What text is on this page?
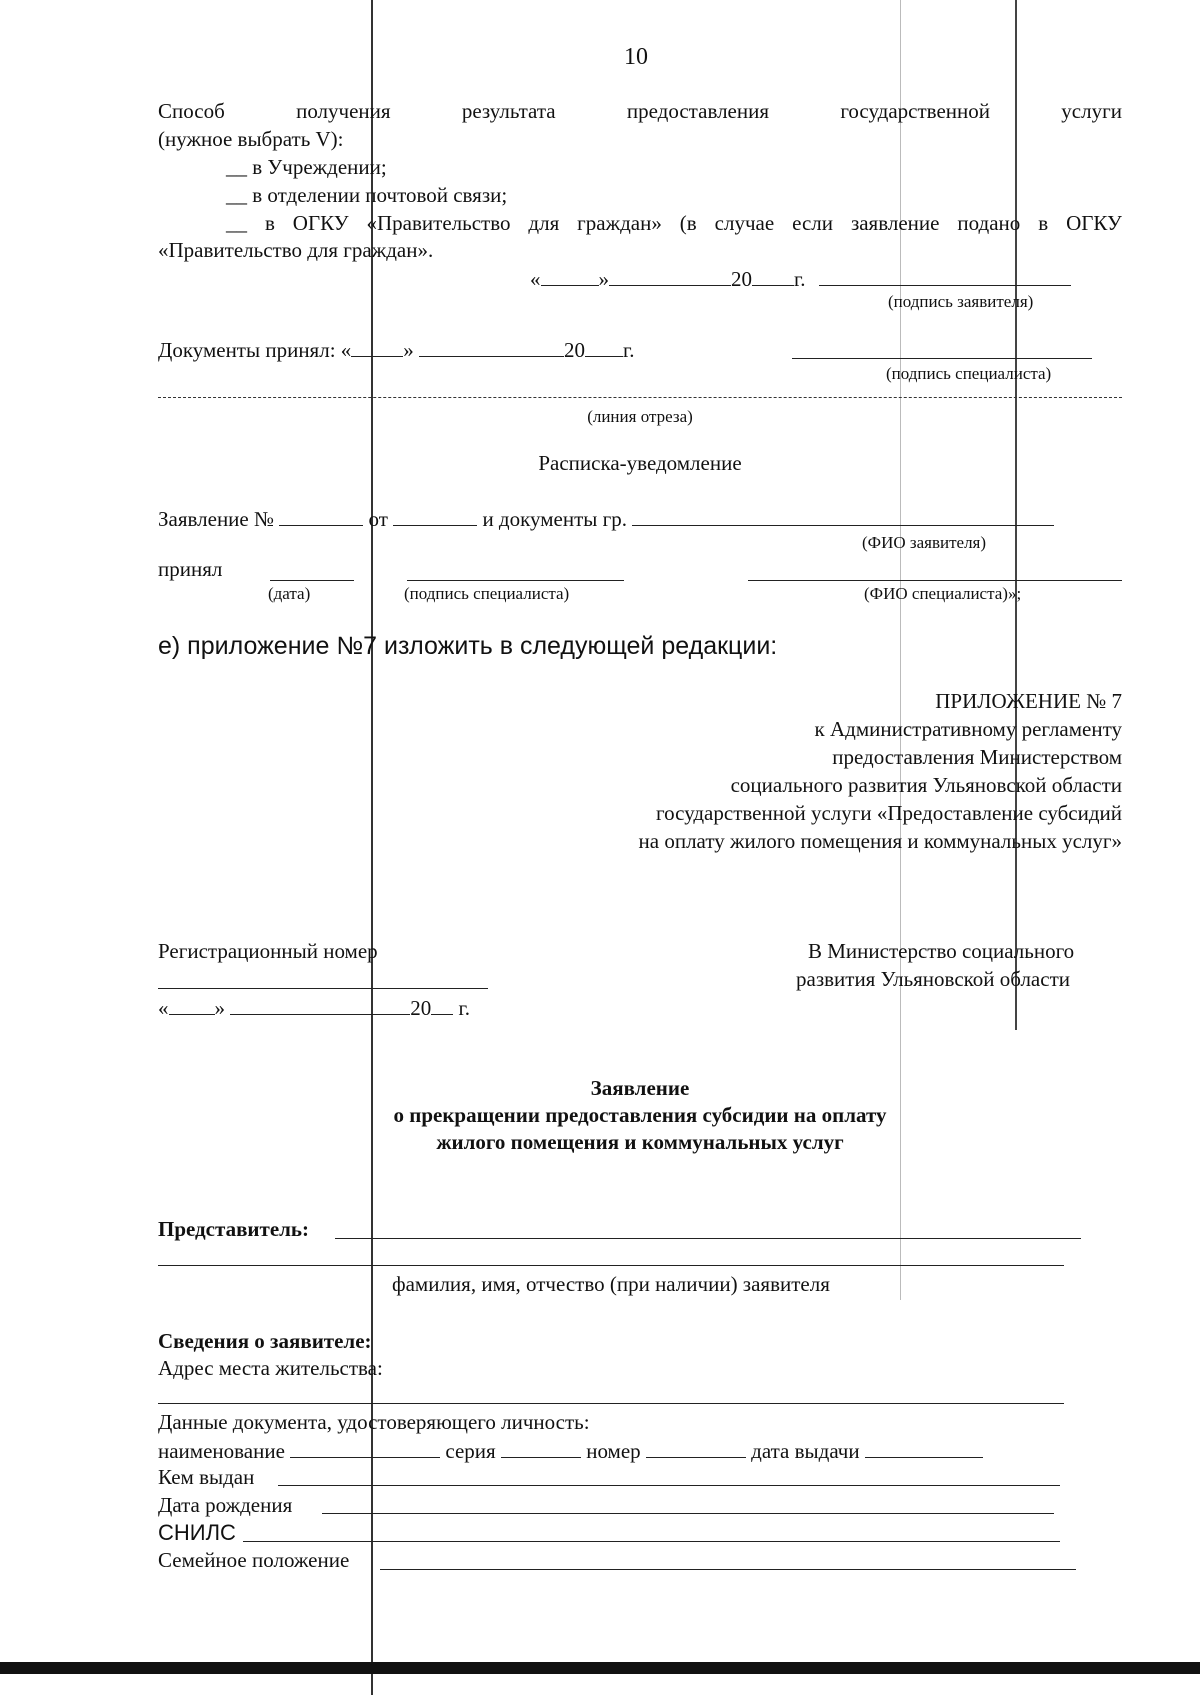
10
Способ	получения	результата	предоставления	государственной	услуги
(нужное выбрать V):
__ в Учреждении;
__ в отделении почтовой связи;
__ в ОГКУ «Правительство для граждан» (в случае если заявление подано в ОГКУ
«Правительство для граждан».
«	»	20 г.
(подпись заявителя)
Документы принял: « »	20 г.
(подпись специалиста)
(линия отреза)
Расписка-уведомление
Заявление №	от	и документы гр.
(ФИО заявителя)
принял
(дата)	(подпись специалиста)	(ФИО специалиста)»;
е) приложение №7 изложить в следующей редакции:
ПРИЛОЖЕНИЕ № 7
к Административному регламенту
предоставления Министерством
социального развития Ульяновской области
государственной услуги «Предоставление субсидий
на оплату жилого помещения и коммунальных услуг»
Регистрационный номер
« »	20 г.
В Министерство социального
развития Ульяновской области
Заявление
о прекращении предоставления субсидии на оплату
жилого помещения и коммунальных услуг
Представитель:
фамилия, имя, отчество (при наличии) заявителя
Сведения о заявителе:
Адрес места жительства:
Данные документа, удостоверяющего личность:
наименование	серия	номер	дата выдачи
Кем выдан
Дата рождения
СНИЛС
Семейное положение
